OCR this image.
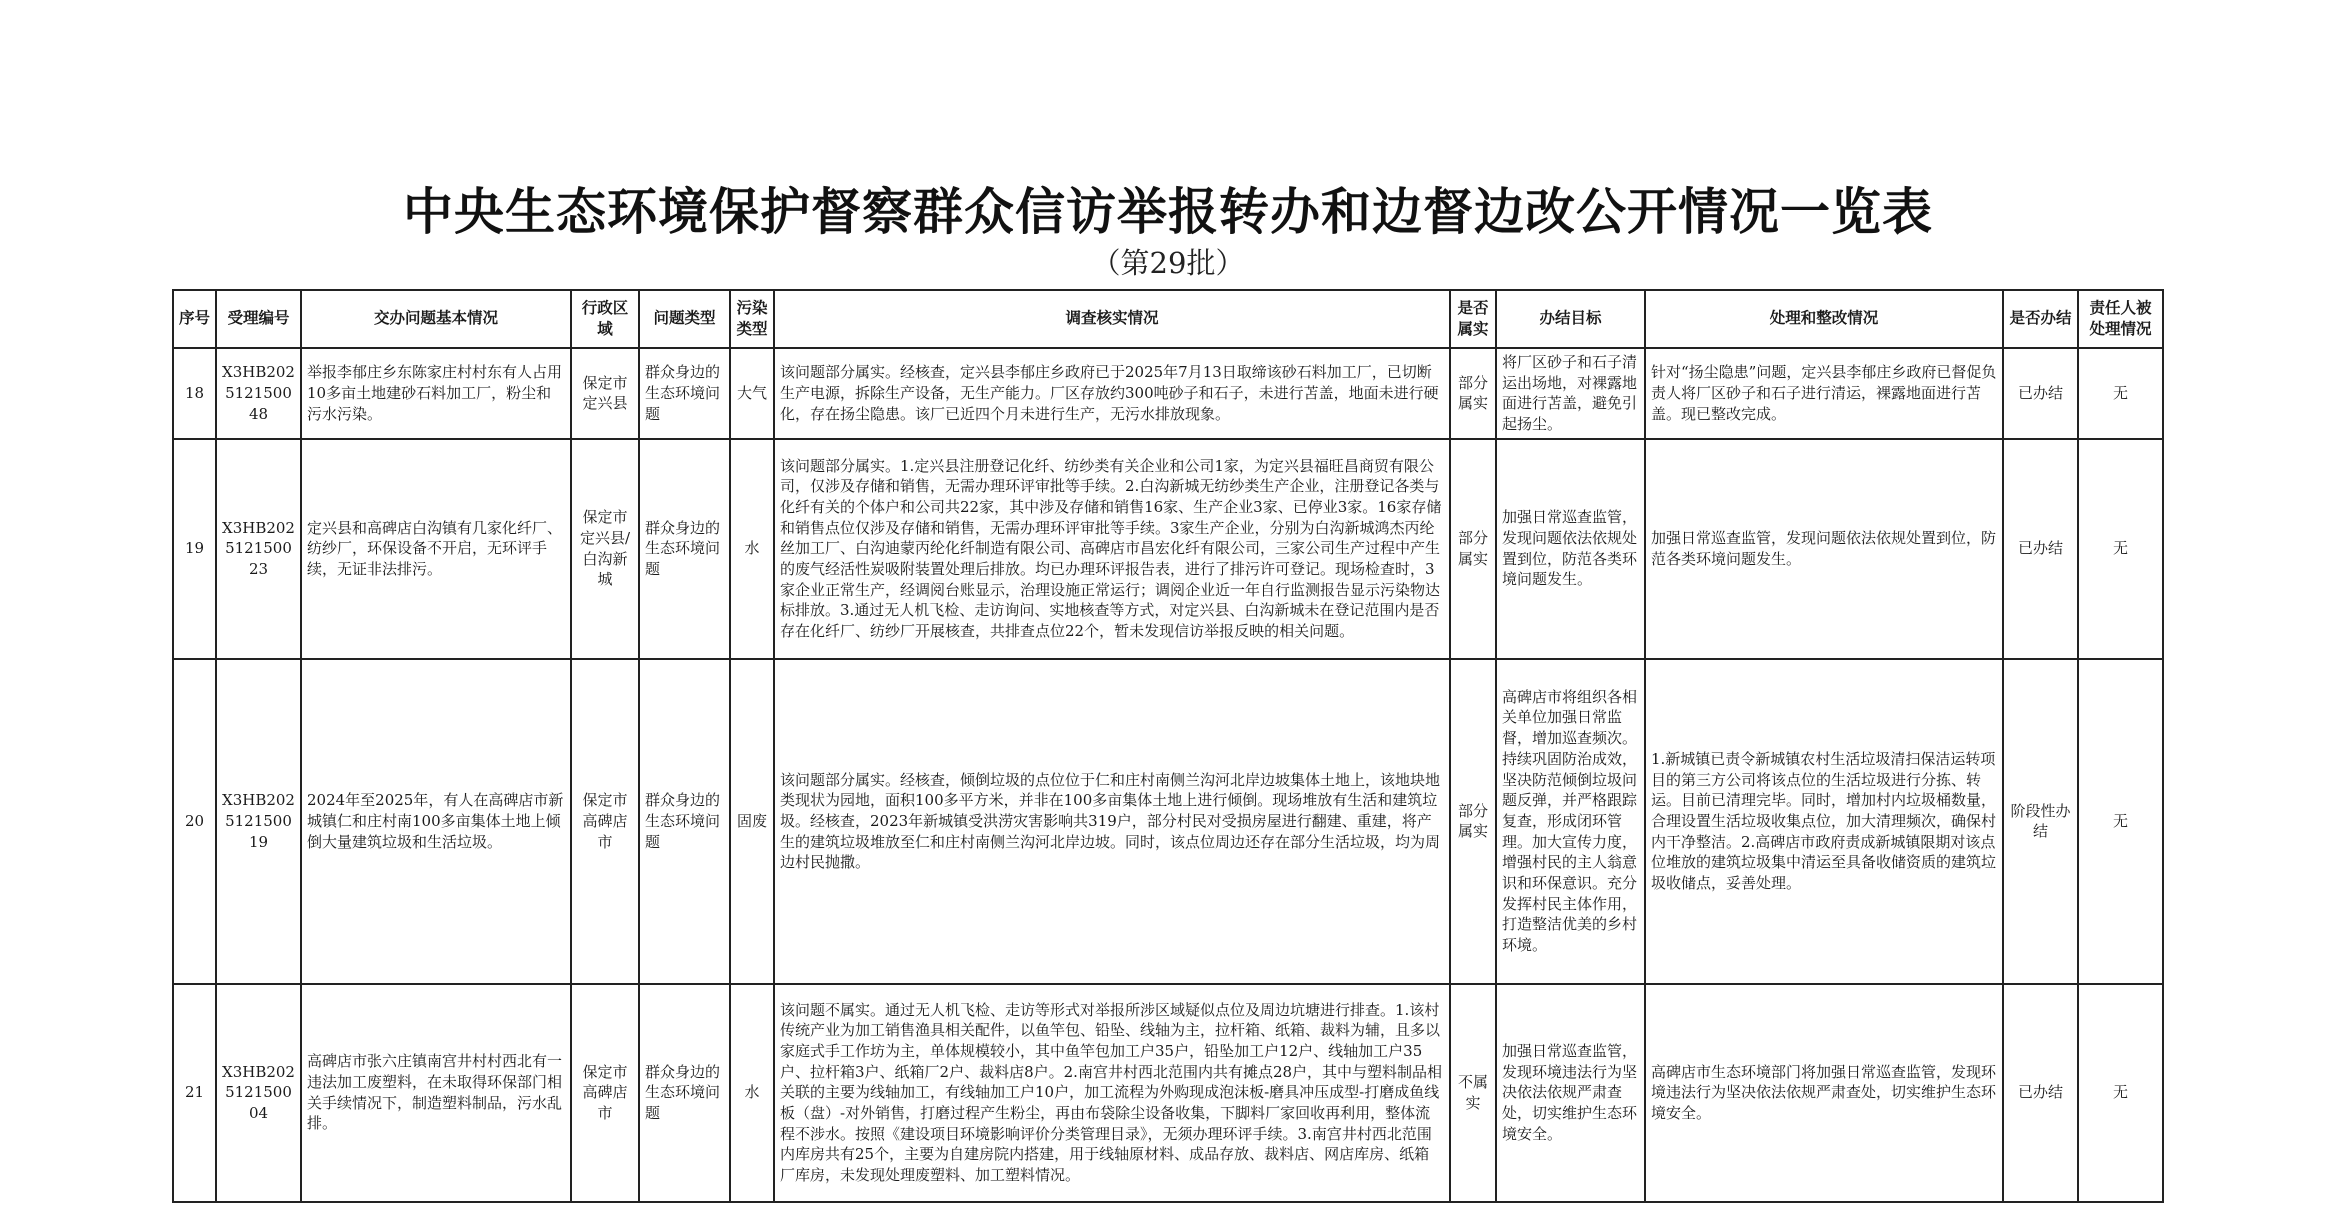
中央生态环境保护督察群众信访举报转办和边督边改公开情况一览表
（第29批）
序号	受理编号	交办问题基本情况	行政区域	问题类型	污染类型	调查核实情况	是否属实	办结目标	处理和整改情况	是否办结	责任人被处理情况
18	X3HB202512150048	举报李郁庄乡东陈家庄村村东有人占用10多亩土地建砂石料加工厂，粉尘和污水污染。	保定市定兴县	群众身边的生态环境问题	大气	该问题部分属实。经核查，定兴县李郁庄乡政府已于2025年7月13日取缔该砂石料加工厂，已切断生产电源，拆除生产设备，无生产能力。厂区存放约300吨砂子和石子，未进行苫盖，地面未进行硬化，存在扬尘隐患。该厂已近四个月未进行生产，无污水排放现象。	部分属实	将厂区砂子和石子清运出场地，对裸露地面进行苫盖，避免引起扬尘。	针对“扬尘隐患”问题，定兴县李郁庄乡政府已督促负责人将厂区砂子和石子进行清运，裸露地面进行苫盖。现已整改完成。	已办结	无
19	X3HB202512150023	定兴县和高碑店白沟镇有几家化纤厂、纺纱厂，环保设备不开启，无环评手续，无证非法排污。	保定市定兴县/白沟新城	群众身边的生态环境问题	水	该问题部分属实。1.定兴县注册登记化纤、纺纱类有关企业和公司1家，为定兴县福旺昌商贸有限公司，仅涉及存储和销售，无需办理环评审批等手续。2.白沟新城无纺纱类生产企业，注册登记各类与化纤有关的个体户和公司共22家，其中涉及存储和销售16家、生产企业3家、已停业3家。16家存储和销售点位仅涉及存储和销售，无需办理环评审批等手续。3家生产企业，分别为白沟新城鸿杰丙纶丝加工厂、白沟迪蒙丙纶化纤制造有限公司、高碑店市昌宏化纤有限公司，三家公司生产过程中产生的废气经活性炭吸附装置处理后排放。均已办理环评报告表，进行了排污许可登记。现场检查时，3家企业正常生产，经调阅台账显示，治理设施正常运行；调阅企业近一年自行监测报告显示污染物达标排放。3.通过无人机飞检、走访询问、实地核查等方式，对定兴县、白沟新城未在登记范围内是否存在化纤厂、纺纱厂开展核查，共排查点位22个，暂未发现信访举报反映的相关问题。	部分属实	加强日常巡查监管，发现问题依法依规处置到位，防范各类环境问题发生。	加强日常巡查监管，发现问题依法依规处置到位，防范各类环境问题发生。	已办结	无
20	X3HB202512150019	2024年至2025年，有人在高碑店市新城镇仁和庄村南100多亩集体土地上倾倒大量建筑垃圾和生活垃圾。	保定市高碑店市	群众身边的生态环境问题	固废	该问题部分属实。经核查，倾倒垃圾的点位位于仁和庄村南侧兰沟河北岸边坡集体土地上，该地块地类现状为园地，面积100多平方米，并非在100多亩集体土地上进行倾倒。现场堆放有生活和建筑垃圾。经核查，2023年新城镇受洪涝灾害影响共319户，部分村民对受损房屋进行翻建、重建，将产生的建筑垃圾堆放至仁和庄村南侧兰沟河北岸边坡。同时，该点位周边还存在部分生活垃圾，均为周边村民抛撒。	部分属实	高碑店市将组织各相关单位加强日常监督，增加巡查频次。持续巩固防治成效，坚决防范倾倒垃圾问题反弹，并严格跟踪复查，形成闭环管理。加大宣传力度，增强村民的主人翁意识和环保意识。充分发挥村民主体作用，打造整洁优美的乡村环境。	1.新城镇已责令新城镇农村生活垃圾清扫保洁运转项目的第三方公司将该点位的生活垃圾进行分拣、转运。目前已清理完毕。同时，增加村内垃圾桶数量，合理设置生活垃圾收集点位，加大清理频次，确保村内干净整洁。2.高碑店市政府责成新城镇限期对该点位堆放的建筑垃圾集中清运至具备收储资质的建筑垃圾收储点，妥善处理。	阶段性办结	无
21	X3HB202512150004	高碑店市张六庄镇南宫井村村西北有一违法加工废塑料，在未取得环保部门相关手续情况下，制造塑料制品，污水乱排。	保定市高碑店市	群众身边的生态环境问题	水	该问题不属实。通过无人机飞检、走访等形式对举报所涉区域疑似点位及周边坑塘进行排查。1.该村传统产业为加工销售渔具相关配件，以鱼竿包、铅坠、线轴为主，拉杆箱、纸箱、裁料为辅，且多以家庭式手工作坊为主，单体规模较小，其中鱼竿包加工户35户，铅坠加工户12户、线轴加工户35户、拉杆箱3户、纸箱厂2户、裁料店8户。2.南宫井村西北范围内共有摊点28户，其中与塑料制品相关联的主要为线轴加工，有线轴加工户10户，加工流程为外购现成泡沫板-磨具冲压成型-打磨成鱼线板（盘）-对外销售，打磨过程产生粉尘，再由布袋除尘设备收集，下脚料厂家回收再利用，整体流程不涉水。按照《建设项目环境影响评价分类管理目录》，无须办理环评手续。3.南宫井村西北范围内库房共有25个，主要为自建房院内搭建，用于线轴原材料、成品存放、裁料店、网店库房、纸箱厂库房，未发现处理废塑料、加工塑料情况。	不属实	加强日常巡查监管，发现环境违法行为坚决依法依规严肃查处，切实维护生态环境安全。	高碑店市生态环境部门将加强日常巡查监管，发现环境违法行为坚决依法依规严肃查处，切实维护生态环境安全。	已办结	无
